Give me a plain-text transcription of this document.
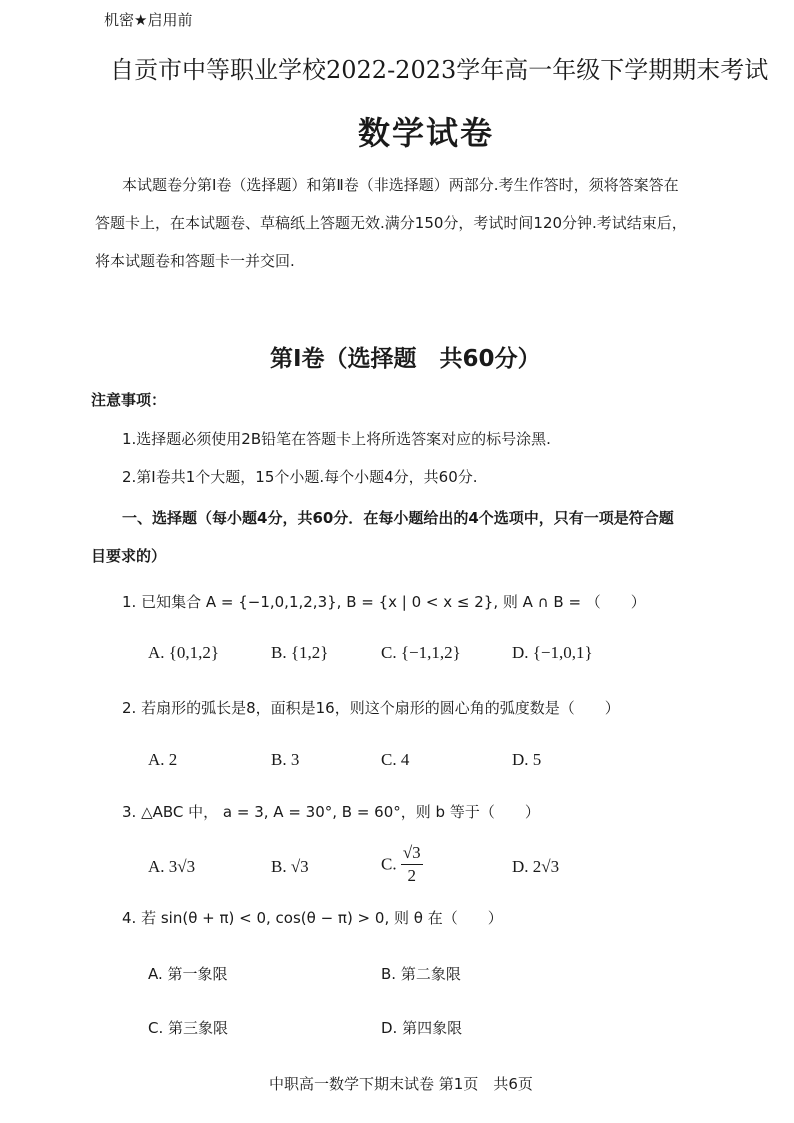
机密★启用前
自贡市中等职业学校2022-2023学年高一年级下学期期末考试
数学试卷
本试题卷分第Ⅰ卷（选择题）和第Ⅱ卷（非选择题）两部分.考生作答时，须将答案答在
答题卡上，在本试题卷、草稿纸上答题无效.满分150分，考试时间120分钟.考试结束后，
将本试题卷和答题卡一并交回.
第Ⅰ卷（选择题　共60分）
注意事项：
1.选择题必须使用2B铅笔在答题卡上将所选答案对应的标号涂黑.
2.第Ⅰ卷共1个大题，15个小题.每个小题4分，共60分.
一、选择题（每小题4分，共60分．在每小题给出的4个选项中，只有一项是符合题
目要求的）
1. 已知集合 A = {−1,0,1,2,3}, B = {x | 0 < x ≤ 2}, 则 A ∩ B = （　　）
A. {0,1,2}	B. {1,2}	C. {−1,1,2}	D. {−1,0,1}
2. 若扇形的弧长是8，面积是16，则这个扇形的圆心角的弧度数是（　　）
A. 2	B. 3	C. 4	D. 5
3. △ABC 中， a = 3, A = 30°, B = 60°，则 b 等于（　　）
A. 3√3	B. √3	C. $\frac{√3}{2}$	D. 2√3
4. 若 sin(θ + π) < 0, cos(θ − π) > 0, 则 θ 在（　　）
A. 第一象限	B. 第二象限
C. 第三象限	D. 第四象限
中职高一数学下期末试卷 第1页　共6页
